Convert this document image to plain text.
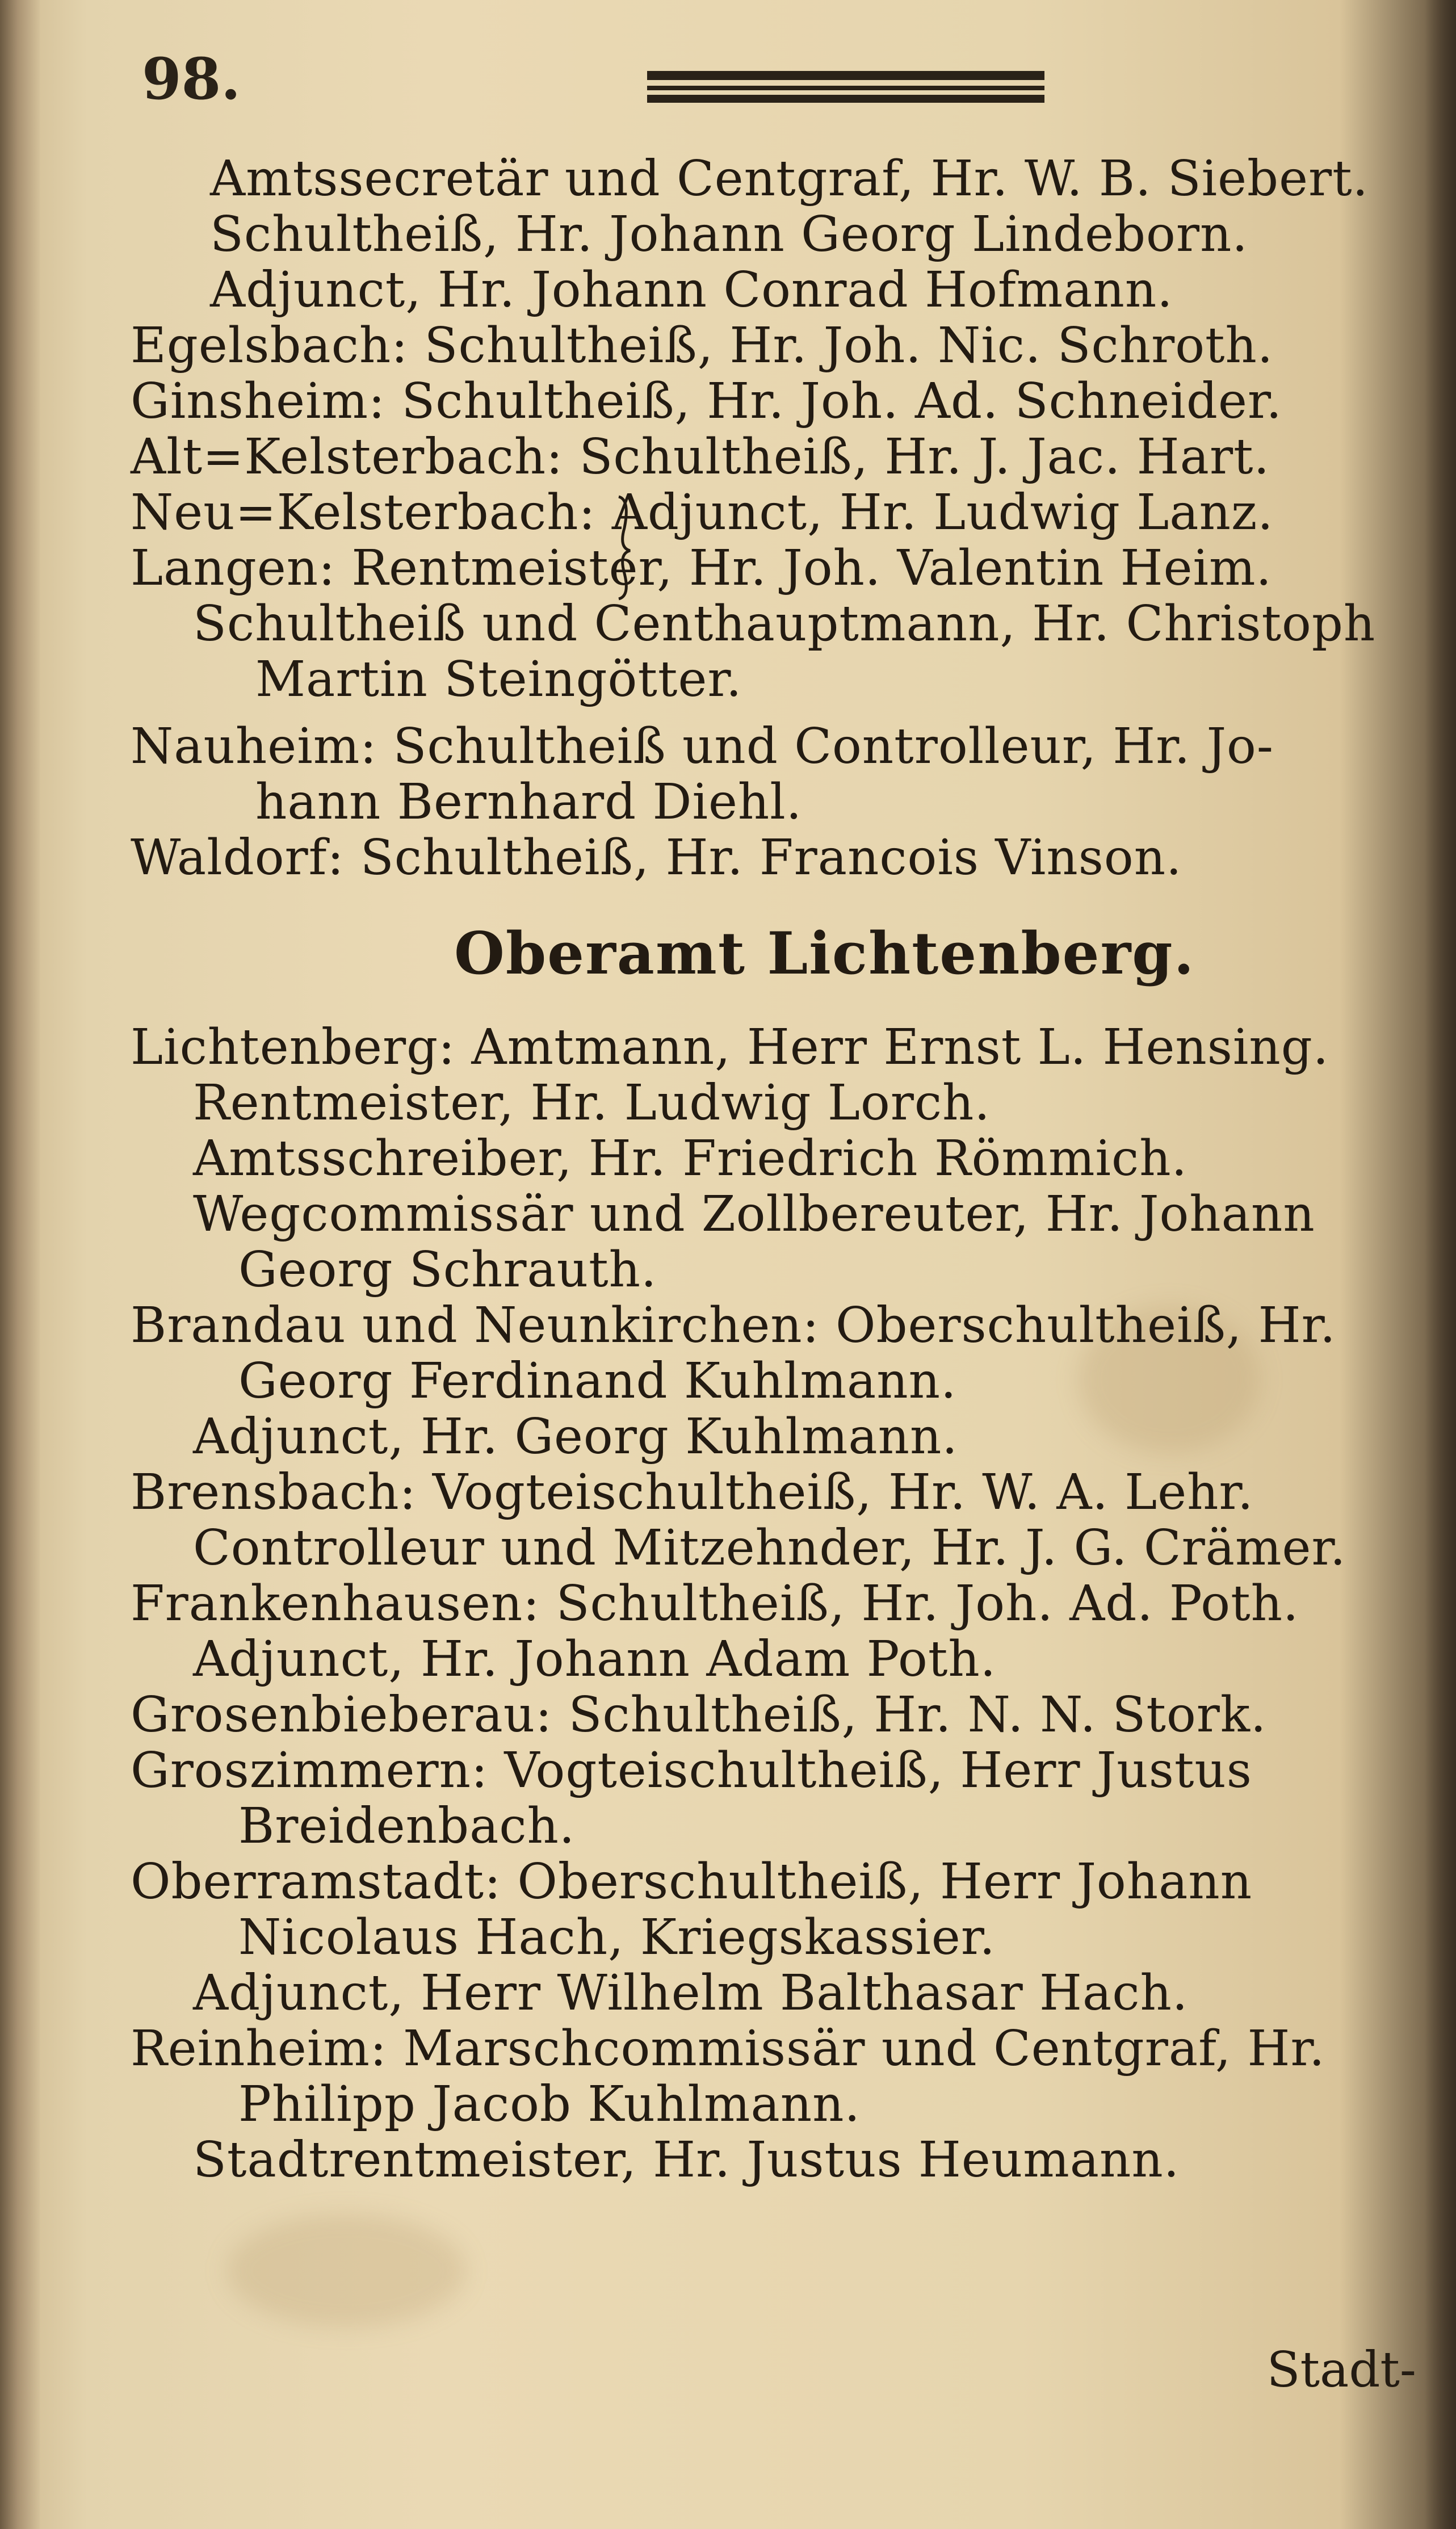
98.
Amtssecretär und Centgraf, Hr. W. B. Siebert.
Schultheiß, Hr. Johann Georg Lindeborn.
Adjunct, Hr. Johann Conrad Hofmann.
Egelsbach: Schultheiß, Hr. Joh. Nic. Schroth.
Ginsheim: Schultheiß, Hr. Joh. Ad. Schneider.
Alt=Kelsterbach: Schultheiß, Hr. J. Jac. Hart.
Neu=Kelsterbach: Adjunct, Hr. Ludwig Lanz.
Langen: Rentmeister, Hr. Joh. Valentin Heim.
Schultheiß und Centhauptmann, Hr. Christoph
Martin Steingötter.
Nauheim: Schultheiß und Controlleur, Hr. Jo-
hann Bernhard Diehl.
Waldorf: Schultheiß, Hr. Francois Vinson.
Oberamt Lichtenberg.
Lichtenberg: Amtmann, Herr Ernst L. Hensing.
Rentmeister, Hr. Ludwig Lorch.
Amtsschreiber, Hr. Friedrich Römmich.
Wegcommissär und Zollbereuter, Hr. Johann
Georg Schrauth.
Brandau und Neunkirchen: Oberschultheiß, Hr.
Georg Ferdinand Kuhlmann.
Adjunct, Hr. Georg Kuhlmann.
Brensbach: Vogteischultheiß, Hr. W. A. Lehr.
Controlleur und Mitzehnder, Hr. J. G. Crämer.
Frankenhausen: Schultheiß, Hr. Joh. Ad. Poth.
Adjunct, Hr. Johann Adam Poth.
Grosenbieberau: Schultheiß, Hr. N. N. Stork.
Groszimmern: Vogteischultheiß, Herr Justus
Breidenbach.
Oberramstadt: Oberschultheiß, Herr Johann
Nicolaus Hach, Kriegskassier.
Adjunct, Herr Wilhelm Balthasar Hach.
Reinheim: Marschcommissär und Centgraf, Hr.
Philipp Jacob Kuhlmann.
Stadtrentmeister, Hr. Justus Heumann.
Stadt-
